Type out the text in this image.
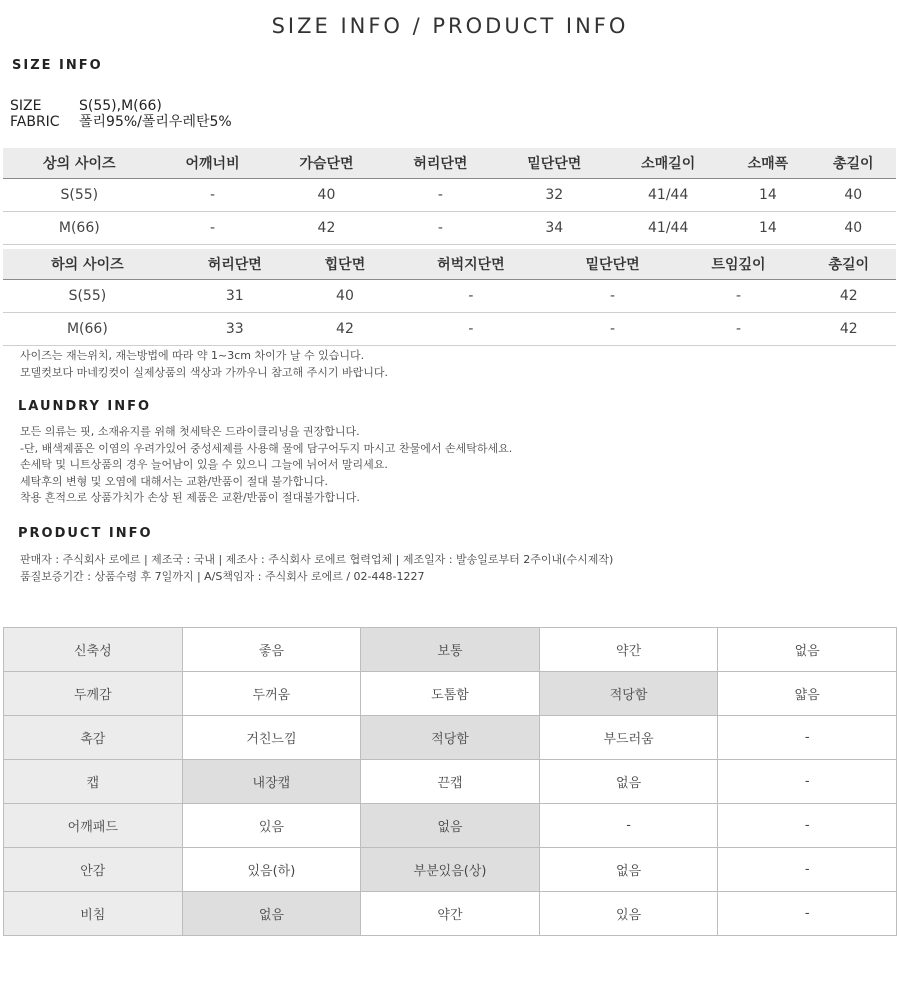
SIZE INFO / PRODUCT INFO
SIZE INFO
SIZE	S(55),M(66)
FABRIC 폴리95%/폴리우레탄5%
상의 사이즈	어깨너비	가슴단면	허리단면	밑단단면	소매길이	소매폭	총길이
S(55)	-	40	-	32	41/44	14	40
M(66)	-	42	-	34	41/44	14	40
하의 사이즈	허리단면	힙단면	허벅지단면	밑단단면	트임깊이	총길이
S(55)	31	40	-	-	-	42
M(66)	33	42	-	-	-	42

사이즈는 재는위치, 재는방법에 따라 약 1~3cm 차이가 날 수 있습니다.

모델컷보다 마네킹컷이 실제상품의 색상과 가까우니 참고해 주시기 바랍니다.

LAUNDRY INFO

모든 의류는 핏, 소재유지를 위해 첫세탁은 드라이클리닝을 권장합니다.

-단, 배색제품은 이염의 우려가있어 중성세제를 사용해 물에 담구어두지 마시고 찬물에서 손세탁하세요.

손세탁 및 니트상품의 경우 늘어남이 있을 수 있으니 그늘에 뉘어서 말리세요.

세탁후의 변형 및 오염에 대해서는 교환/반품이 절대 불가합니다.

착용 흔적으로 상품가치가 손상 된 제품은 교환/반품이 절대불가합니다.

PRODUCT INFO

판매자 : 주식회사 로에르 | 제조국 : 국내 | 제조사 : 주식회사 로에르 협력업체 | 제조일자 : 발송일로부터 2주이내(수시제작)

품질보증기간 : 상품수령 후 7일까지 | A/S책임자 : 주식회사 로에르 / 02-448-1227

신축성	좋음	보통	약간	없음
두께감	두꺼움	도톰함	적당함	얇음
촉감	거친느낌	적당함	부드러움	-
캡	내장캡	끈캡	없음	-
어깨패드	있음	없음	-	-
안감	있음(하)	부분있음(상)	없음	-
비침	없음	약간	있음	-
